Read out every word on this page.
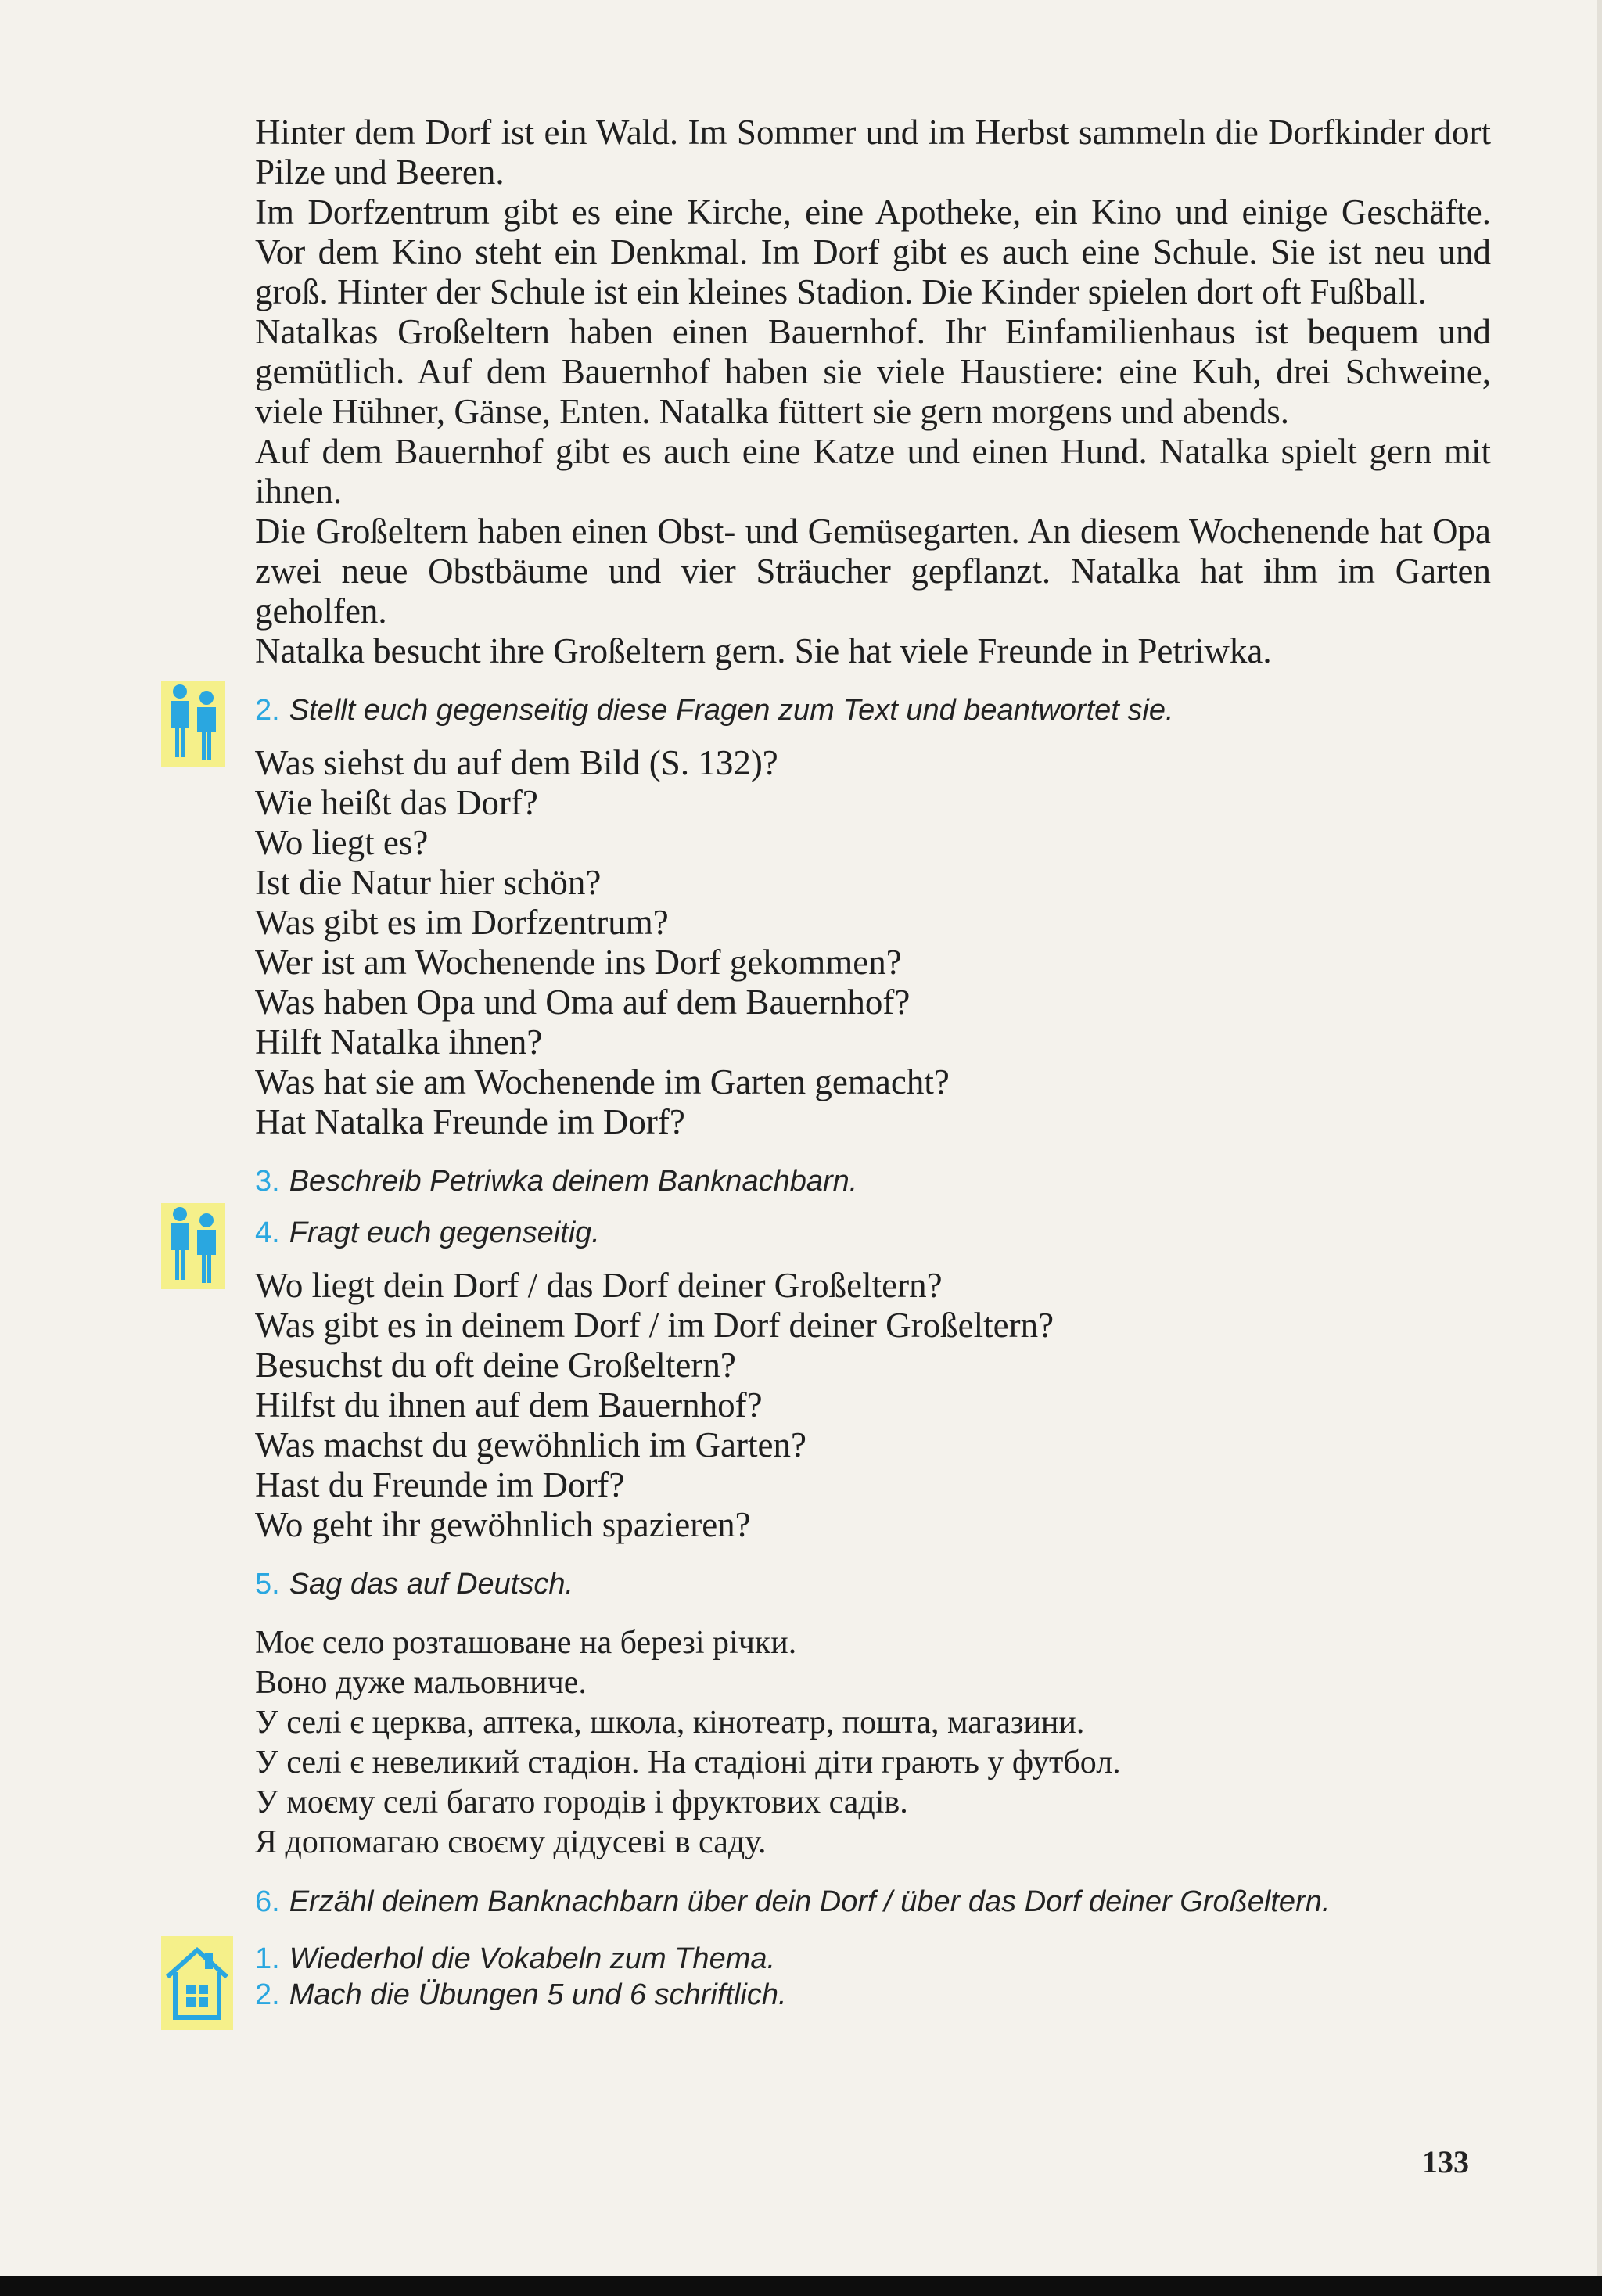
Hinter dem Dorf ist ein Wald. Im Sommer und im Herbst sammeln die Dorfkinder dort Pilze und Beeren.

Im Dorfzentrum gibt es eine Kirche, eine Apotheke, ein Kino und einige Geschäfte. Vor dem Kino steht ein Denkmal. Im Dorf gibt es auch eine Schule. Sie ist neu und groß. Hinter der Schule ist ein kleines Stadion. Die Kinder spielen dort oft Fußball.

Natalkas Großeltern haben einen Bauernhof. Ihr Einfamilienhaus ist bequem und gemütlich. Auf dem Bauernhof haben sie viele Haustiere: eine Kuh, drei Schweine, viele Hühner, Gänse, Enten. Natalka füttert sie gern morgens und abends.

Auf dem Bauernhof gibt es auch eine Katze und einen Hund. Natalka spielt gern mit ihnen.

Die Großeltern haben einen Obst- und Gemüsegarten. An diesem Wochenende hat Opa zwei neue Obstbäume und vier Sträucher gepflanzt. Natalka hat ihm im Garten geholfen.

Natalka besucht ihre Großeltern gern. Sie hat viele Freunde in Petriwka.

2. Stellt euch gegenseitig diese Fragen zum Text und beantwortet sie.
Was siehst du auf dem Bild (S. 132)?
Wie heißt das Dorf?
Wo liegt es?
Ist die Natur hier schön?
Was gibt es im Dorfzentrum?
Wer ist am Wochenende ins Dorf gekommen?
Was haben Opa und Oma auf dem Bauernhof?
Hilft Natalka ihnen?
Was hat sie am Wochenende im Garten gemacht?
Hat Natalka Freunde im Dorf?
3. Beschreib Petriwka deinem Banknachbarn.
4. Fragt euch gegenseitig.
Wo liegt dein Dorf / das Dorf deiner Großeltern?
Was gibt es in deinem Dorf / im Dorf deiner Großeltern?
Besuchst du oft deine Großeltern?
Hilfst du ihnen auf dem Bauernhof?
Was machst du gewöhnlich im Garten?
Hast du Freunde im Dorf?
Wo geht ihr gewöhnlich spazieren?
5. Sag das auf Deutsch.
Моє село розташоване на березі річки.
Воно дуже мальовниче.
У селі є церква, аптека, школа, кінотеатр, пошта, магазини.
У селі є невеликий стадіон. На стадіоні діти грають у футбол.
У моєму селі багато городів і фруктових садів.
Я допомагаю своєму дідусеві в саду.
6. Erzähl deinem Banknachbarn über dein Dorf / über das Dorf deiner Großeltern.
1. Wiederhol die Vokabeln zum Thema.
2. Mach die Übungen 5 und 6 schriftlich.
133
